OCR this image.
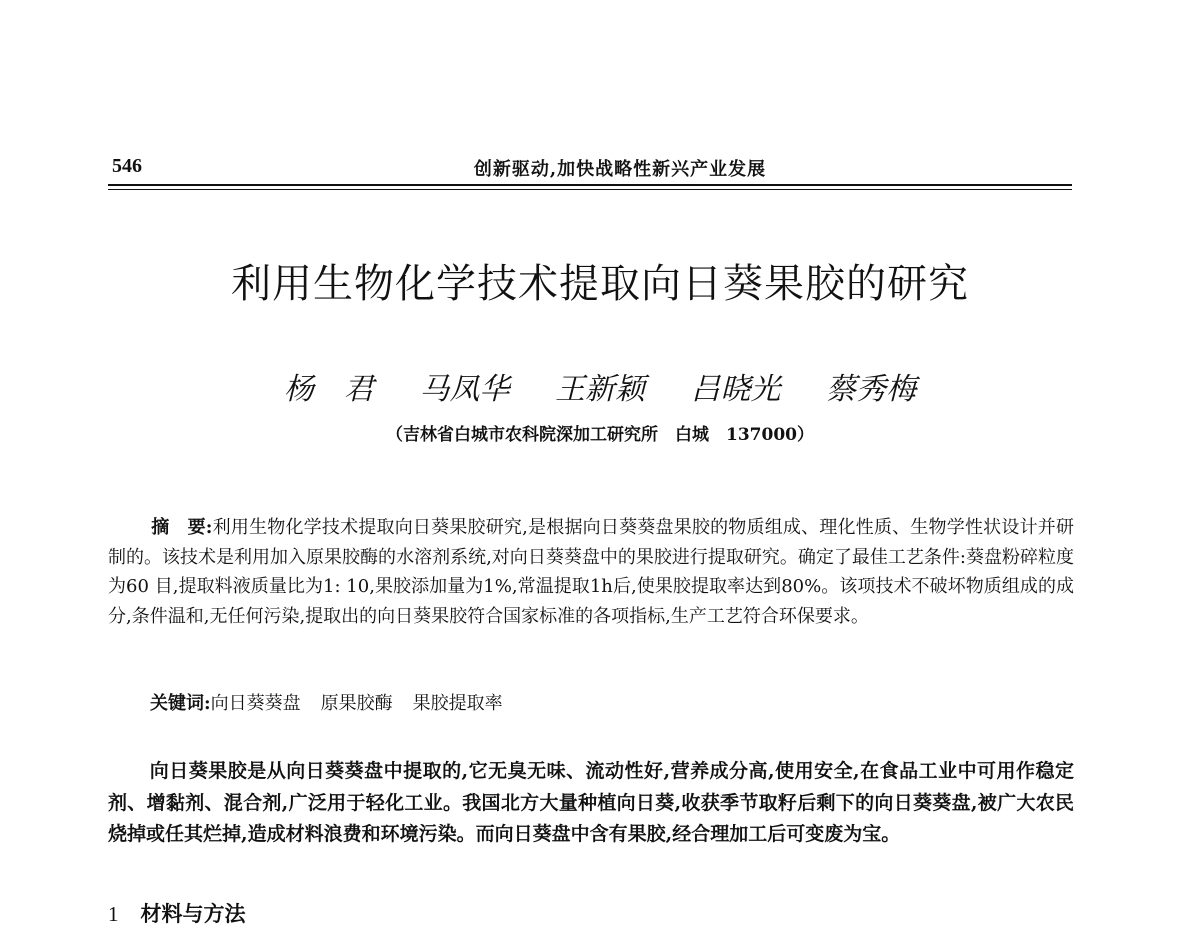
546	创新驱动,加快战略性新兴产业发展
利用生物化学技术提取向日葵果胶的研究
杨　君 马凤华 王新颖 吕晓光 蔡秀梅
（吉林省白城市农科院深加工研究所　白城　137000）
摘　要:利用生物化学技术提取向日葵果胶研究,是根据向日葵葵盘果胶的物质组成、理化性质、生物学性状设计并研制的。该技术是利用加入原果胶酶的水溶剂系统,对向日葵葵盘中的果胶进行提取研究。确定了最佳工艺条件:葵盘粉碎粒度为60 目,提取料液质量比为1: 10,果胶添加量为1%,常温提取1h后,使果胶提取率达到80%。该项技术不破坏物质组成的成分,条件温和,无任何污染,提取出的向日葵果胶符合国家标准的各项指标,生产工艺符合环保要求。
关键词:向日葵葵盘 原果胶酶 果胶提取率
向日葵果胶是从向日葵葵盘中提取的,它无臭无味、流动性好,营养成分高,使用安全,在食品工业中可用作稳定剂、增黏剂、混合剂,广泛用于轻化工业。我国北方大量种植向日葵,收获季节取籽后剩下的向日葵葵盘,被广大农民烧掉或任其烂掉,造成材料浪费和环境污染。而向日葵盘中含有果胶,经合理加工后可变废为宝。
1 材料与方法
